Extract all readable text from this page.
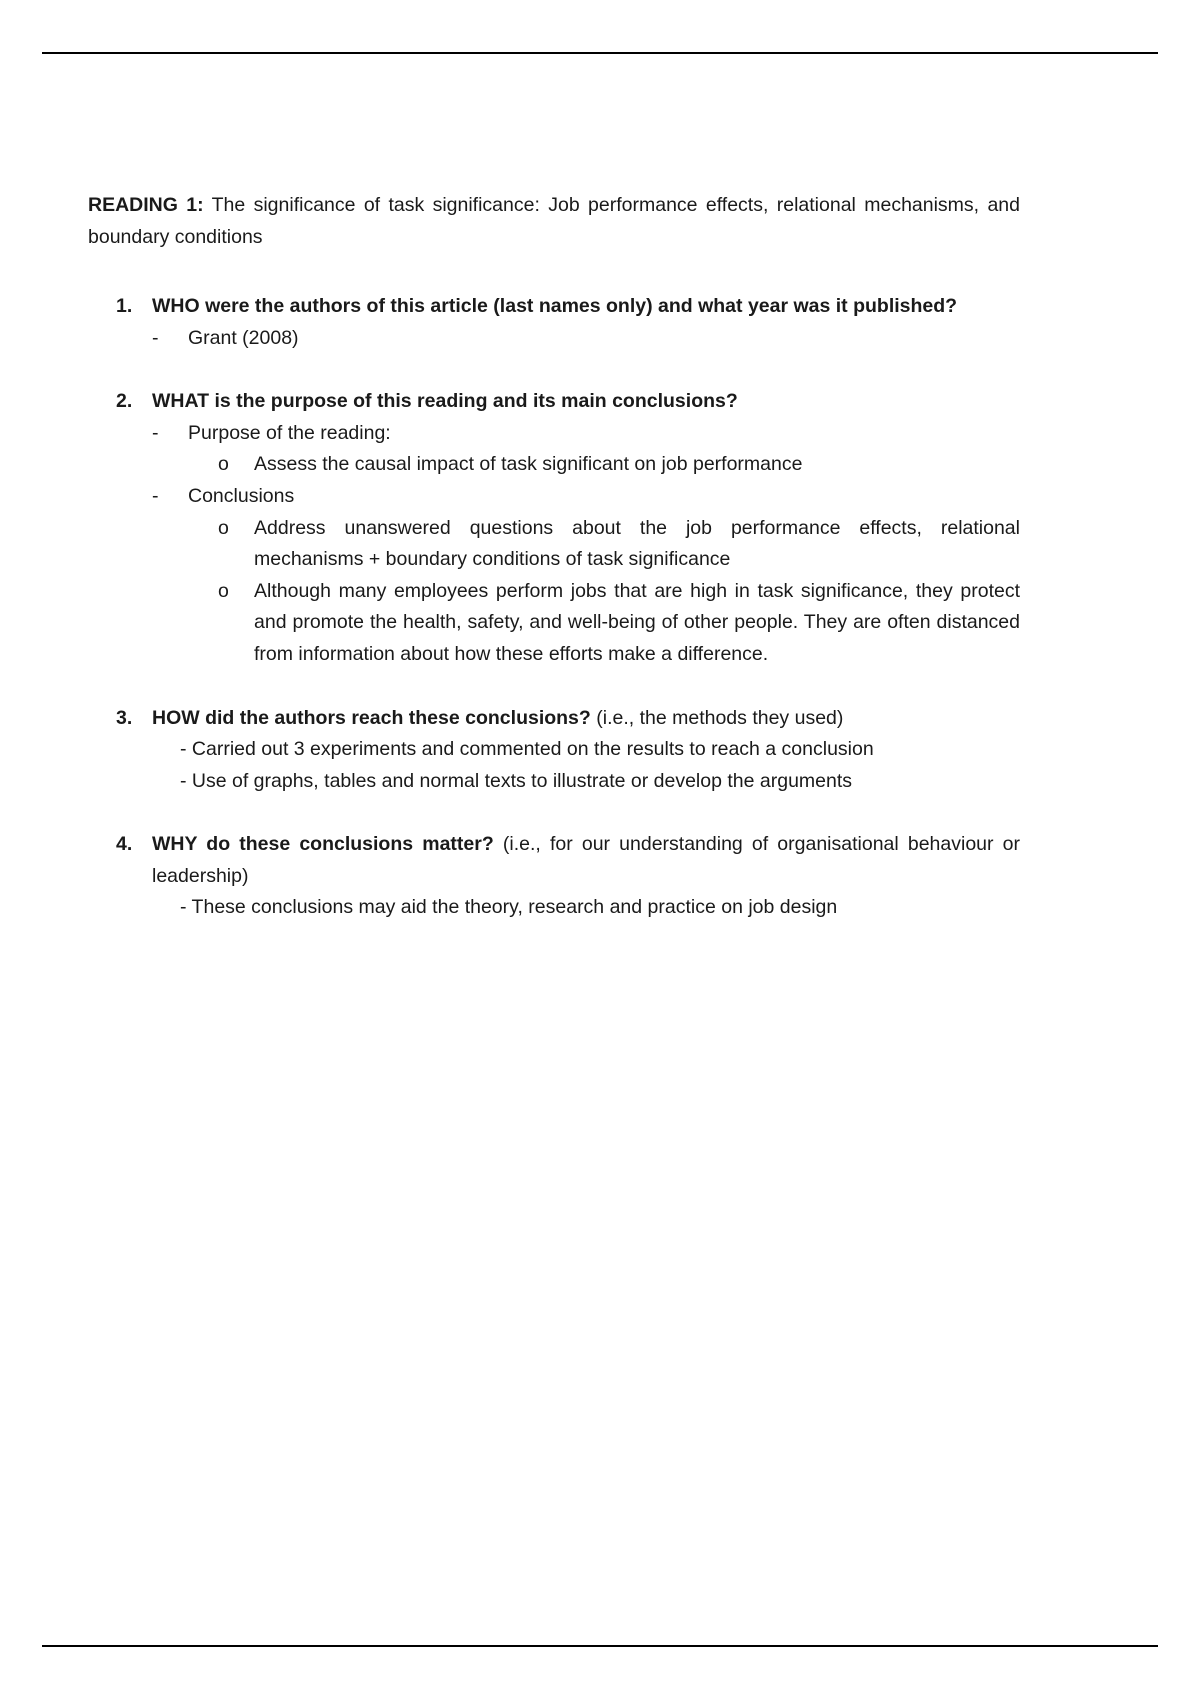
READING 1: The significance of task significance: Job performance effects, relational mechanisms, and boundary conditions

1. WHO were the authors of this article (last names only) and what year was it published?
- Grant (2008)
2. WHAT is the purpose of this reading and its main conclusions?
- Purpose of the reading:
o Assess the causal impact of task significant on job performance
- Conclusions
o Address unanswered questions about the job performance effects, relational mechanisms + boundary conditions of task significance
o Although many employees perform jobs that are high in task significance, they protect and promote the health, safety, and well-being of other people. They are often distanced from information about how these efforts make a difference.
3. HOW did the authors reach these conclusions? (i.e., the methods they used)
- Carried out 3 experiments and commented on the results to reach a conclusion
- Use of graphs, tables and normal texts to illustrate or develop the arguments
4. WHY do these conclusions matter? (i.e., for our understanding of organisational behaviour or leadership)
- These conclusions may aid the theory, research and practice on job design
